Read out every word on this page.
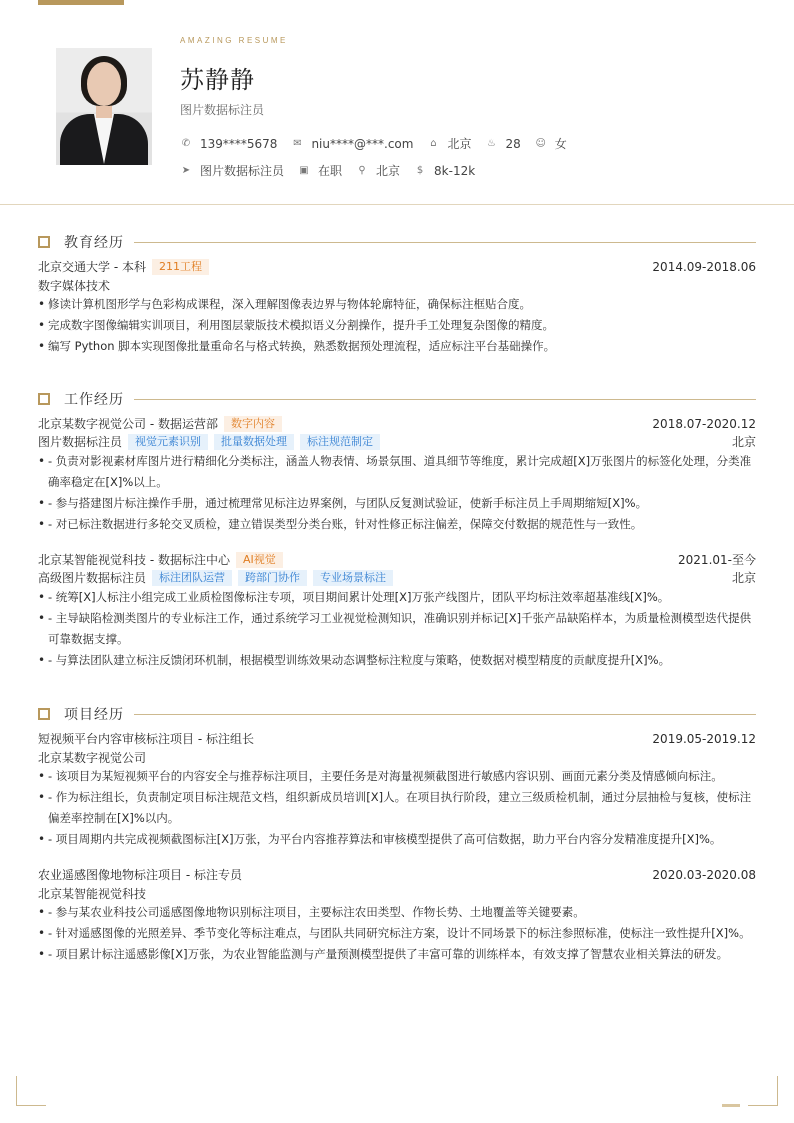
AMAZING RESUME
苏静静
图片数据标注员
✆ 139****5678 ✉ niu****@***.com ⌂ 北京 ♨ 28 ☺ 女
➤ 图片数据标注员 ▣ 在职 ⚲ 北京 $ 8k-12k
教育经历
北京交通大学 - 本科	211工程	2014.09-2018.06
数字媒体技术
• 修读计算机图形学与色彩构成课程，深入理解图像表边界与物体轮廓特征，确保标注框贴合度。
• 完成数字图像编辑实训项目，利用图层蒙版技术模拟语义分割操作，提升手工处理复杂图像的精度。
• 编写 Python 脚本实现图像批量重命名与格式转换，熟悉数据预处理流程，适应标注平台基础操作。
工作经历
北京某数字视觉公司 - 数据运营部	数字内容	2018.07-2020.12
图片数据标注员	视觉元素识别	批量数据处理	标注规范制定	北京
• - 负责对影视素材库图片进行精细化分类标注，涵盖人物表情、场景氛围、道具细节等维度，累计完成超[X]万张图片的标签化处理，分类准确率稳定在[X]%以上。
• - 参与搭建图片标注操作手册，通过梳理常见标注边界案例，与团队反复测试验证，使新手标注员上手周期缩短[X]%。
• - 对已标注数据进行多轮交叉质检，建立错误类型分类台账，针对性修正标注偏差，保障交付数据的规范性与一致性。
北京某智能视觉科技 - 数据标注中心	AI视觉	2021.01-至今
高级图片数据标注员	标注团队运营	跨部门协作	专业场景标注	北京
• - 统筹[X]人标注小组完成工业质检图像标注专项，项目期间累计处理[X]万张产线图片，团队平均标注效率超基准线[X]%。
• - 主导缺陷检测类图片的专业标注工作，通过系统学习工业视觉检测知识，准确识别并标记[X]千张产品缺陷样本，为质量检测模型迭代提供可靠数据支撑。
• - 与算法团队建立标注反馈闭环机制，根据模型训练效果动态调整标注粒度与策略，使数据对模型精度的贡献度提升[X]%。
项目经历
短视频平台内容审核标注项目 - 标注组长	2019.05-2019.12
北京某数字视觉公司
• - 该项目为某短视频平台的内容安全与推荐标注项目，主要任务是对海量视频截图进行敏感内容识别、画面元素分类及情感倾向标注。
• - 作为标注组长，负责制定项目标注规范文档，组织新成员培训[X]人。在项目执行阶段，建立三级质检机制，通过分层抽检与复核，使标注偏差率控制在[X]%以内。
• - 项目周期内共完成视频截图标注[X]万张，为平台内容推荐算法和审核模型提供了高可信数据，助力平台内容分发精准度提升[X]%。
农业遥感图像地物标注项目 - 标注专员	2020.03-2020.08
北京某智能视觉科技
• - 参与某农业科技公司遥感图像地物识别标注项目，主要标注农田类型、作物长势、土地覆盖等关键要素。
• - 针对遥感图像的光照差异、季节变化等标注难点，与团队共同研究标注方案，设计不同场景下的标注参照标准，使标注一致性提升[X]%。
• - 项目累计标注遥感影像[X]万张，为农业智能监测与产量预测模型提供了丰富可靠的训练样本，有效支撑了智慧农业相关算法的研发。
